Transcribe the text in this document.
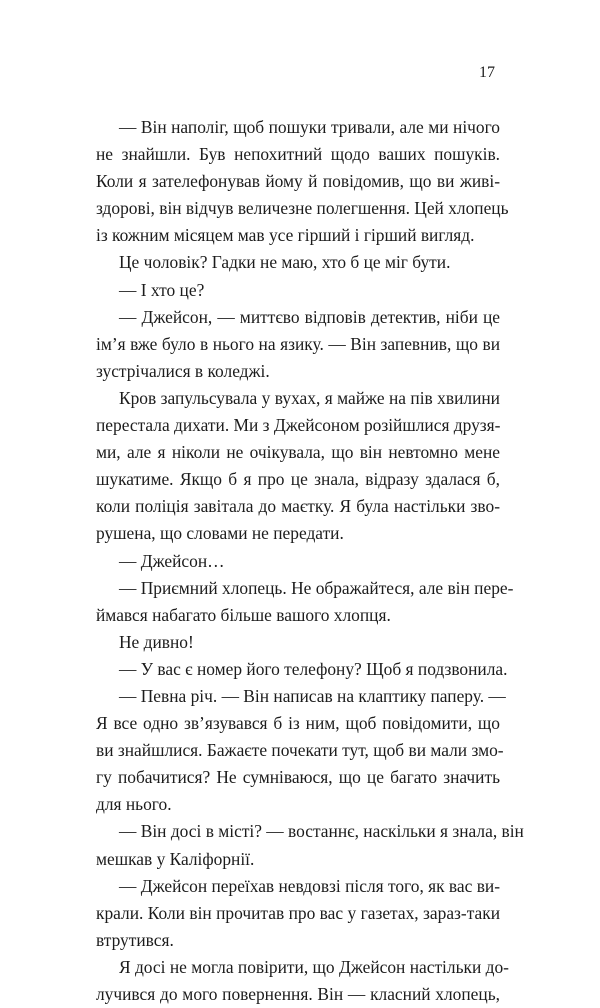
17
— Він наполіг, щоб пошуки тривали, але ми нічого
не знайшли. Був непохитний щодо ваших пошуків.
Коли я зателефонував йому й повідомив, що ви живі-
здорові, він відчув величезне полегшення. Цей хлопець
із кожним місяцем мав усе гірший і гірший вигляд.
Це чоловік? Гадки не маю, хто б це міг бути.
— І хто це?
— Джейсон, — миттєво відповів детектив, ніби це
ім’я вже було в нього на язику. — Він запевнив, що ви
зустрічалися в коледжі.
Кров запульсувала у вухах, я майже на пів хвилини
перестала дихати. Ми з Джейсоном розійшлися друзя-
ми, але я ніколи не очікувала, що він невтомно мене
шукатиме. Якщо б я про це знала, відразу здалася б,
коли поліція завітала до маєтку. Я була настільки зво-
рушена, що словами не передати.
— Джейсон…
— Приємний хлопець. Не ображайтеся, але він пере-
ймався набагато більше вашого хлопця.
Не дивно!
— У вас є номер його телефону? Щоб я подзвонила.
— Певна річ. — Він написав на клаптику паперу. —
Я все одно зв’язувався б із ним, щоб повідомити, що
ви знайшлися. Бажаєте почекати тут, щоб ви мали змо-
гу побачитися? Не сумніваюся, що це багато значить
для нього.
— Він досі в місті? — востаннє, наскільки я знала, він
мешкав у Каліфорнії.
— Джейсон переїхав невдовзі після того, як вас ви-
крали. Коли він прочитав про вас у газетах, зараз-таки
втрутився.
Я досі не могла повірити, що Джейсон настільки до-
лучився до мого повернення. Він — класний хлопець,
